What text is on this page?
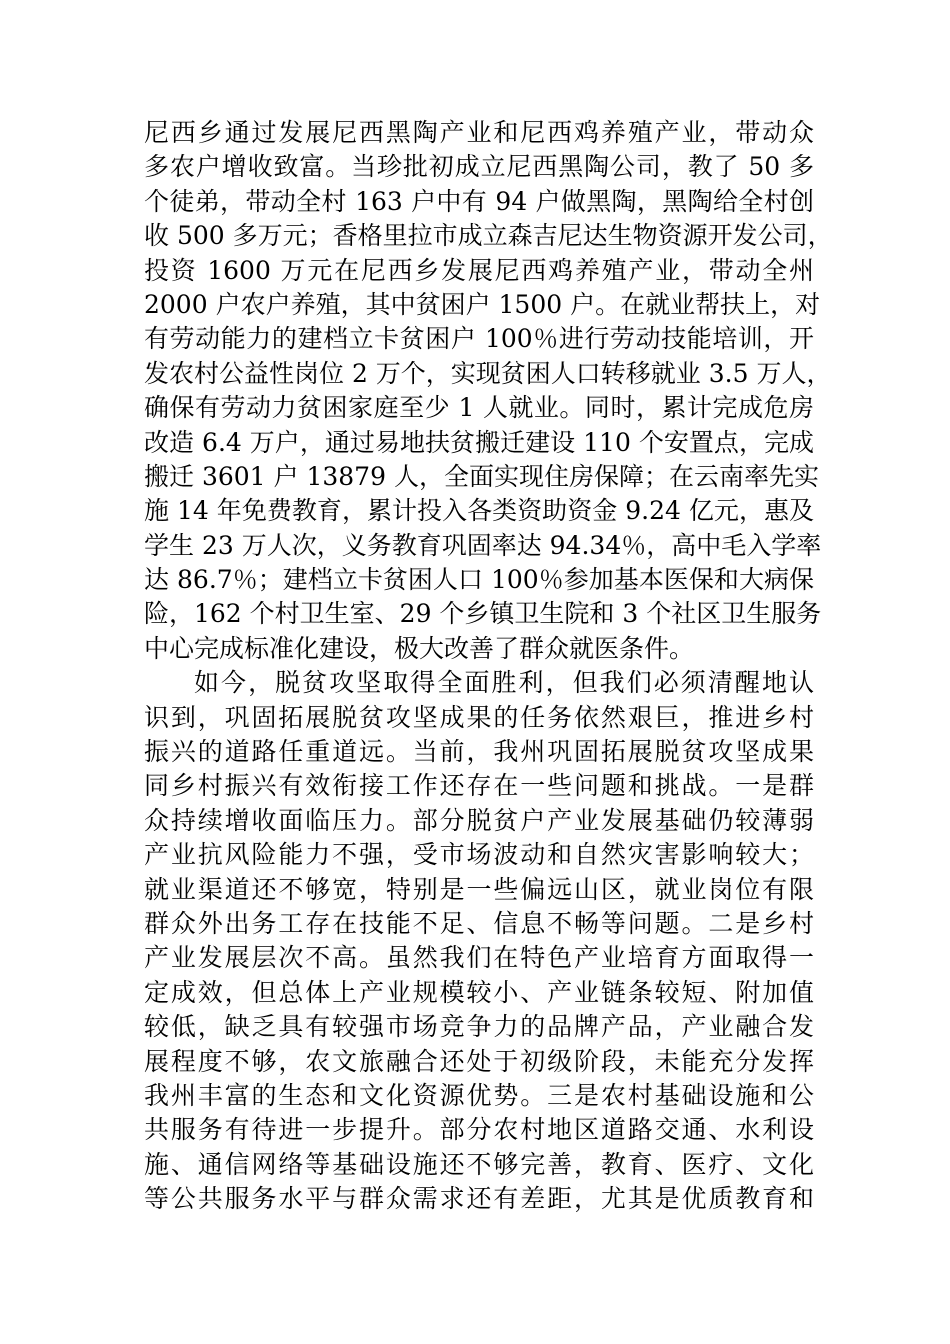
尼西乡通过发展尼西黑陶产业和尼西鸡养殖产业，带动众
多农户增收致富。当珍批初成立尼西黑陶公司，教了 50 多
个徒弟，带动全村 163 户中有 94 户做黑陶，黑陶给全村创
收 500 多万元；香格里拉市成立森吉尼达生物资源开发公司，
投资 1600 万元在尼西乡发展尼西鸡养殖产业，带动全州
2000 户农户养殖，其中贫困户 1500 户。在就业帮扶上，对
有劳动能力的建档立卡贫困户 100％进行劳动技能培训，开
发农村公益性岗位 2 万个，实现贫困人口转移就业 3.5 万人，
确保有劳动力贫困家庭至少 1 人就业。同时，累计完成危房
改造 6.4 万户，通过易地扶贫搬迁建设 110 个安置点，完成
搬迁 3601 户 13879 人，全面实现住房保障；在云南率先实
施 14 年免费教育，累计投入各类资助资金 9.24 亿元，惠及
学生 23 万人次，义务教育巩固率达 94.34％，高中毛入学率
达 86.7％；建档立卡贫困人口 100％参加基本医保和大病保
险，162 个村卫生室、29 个乡镇卫生院和 3 个社区卫生服务
中心完成标准化建设，极大改善了群众就医条件。
如今，脱贫攻坚取得全面胜利，但我们必须清醒地认
识到，巩固拓展脱贫攻坚成果的任务依然艰巨，推进乡村
振兴的道路任重道远。当前，我州巩固拓展脱贫攻坚成果
同乡村振兴有效衔接工作还存在一些问题和挑战。一是群
众持续增收面临压力。部分脱贫户产业发展基础仍较薄弱
产业抗风险能力不强，受市场波动和自然灾害影响较大；
就业渠道还不够宽，特别是一些偏远山区，就业岗位有限
群众外出务工存在技能不足、信息不畅等问题。二是乡村
产业发展层次不高。虽然我们在特色产业培育方面取得一
定成效，但总体上产业规模较小、产业链条较短、附加值
较低，缺乏具有较强市场竞争力的品牌产品，产业融合发
展程度不够，农文旅融合还处于初级阶段，未能充分发挥
我州丰富的生态和文化资源优势。三是农村基础设施和公
共服务有待进一步提升。部分农村地区道路交通、水利设
施、通信网络等基础设施还不够完善，教育、医疗、文化
等公共服务水平与群众需求还有差距，尤其是优质教育和
